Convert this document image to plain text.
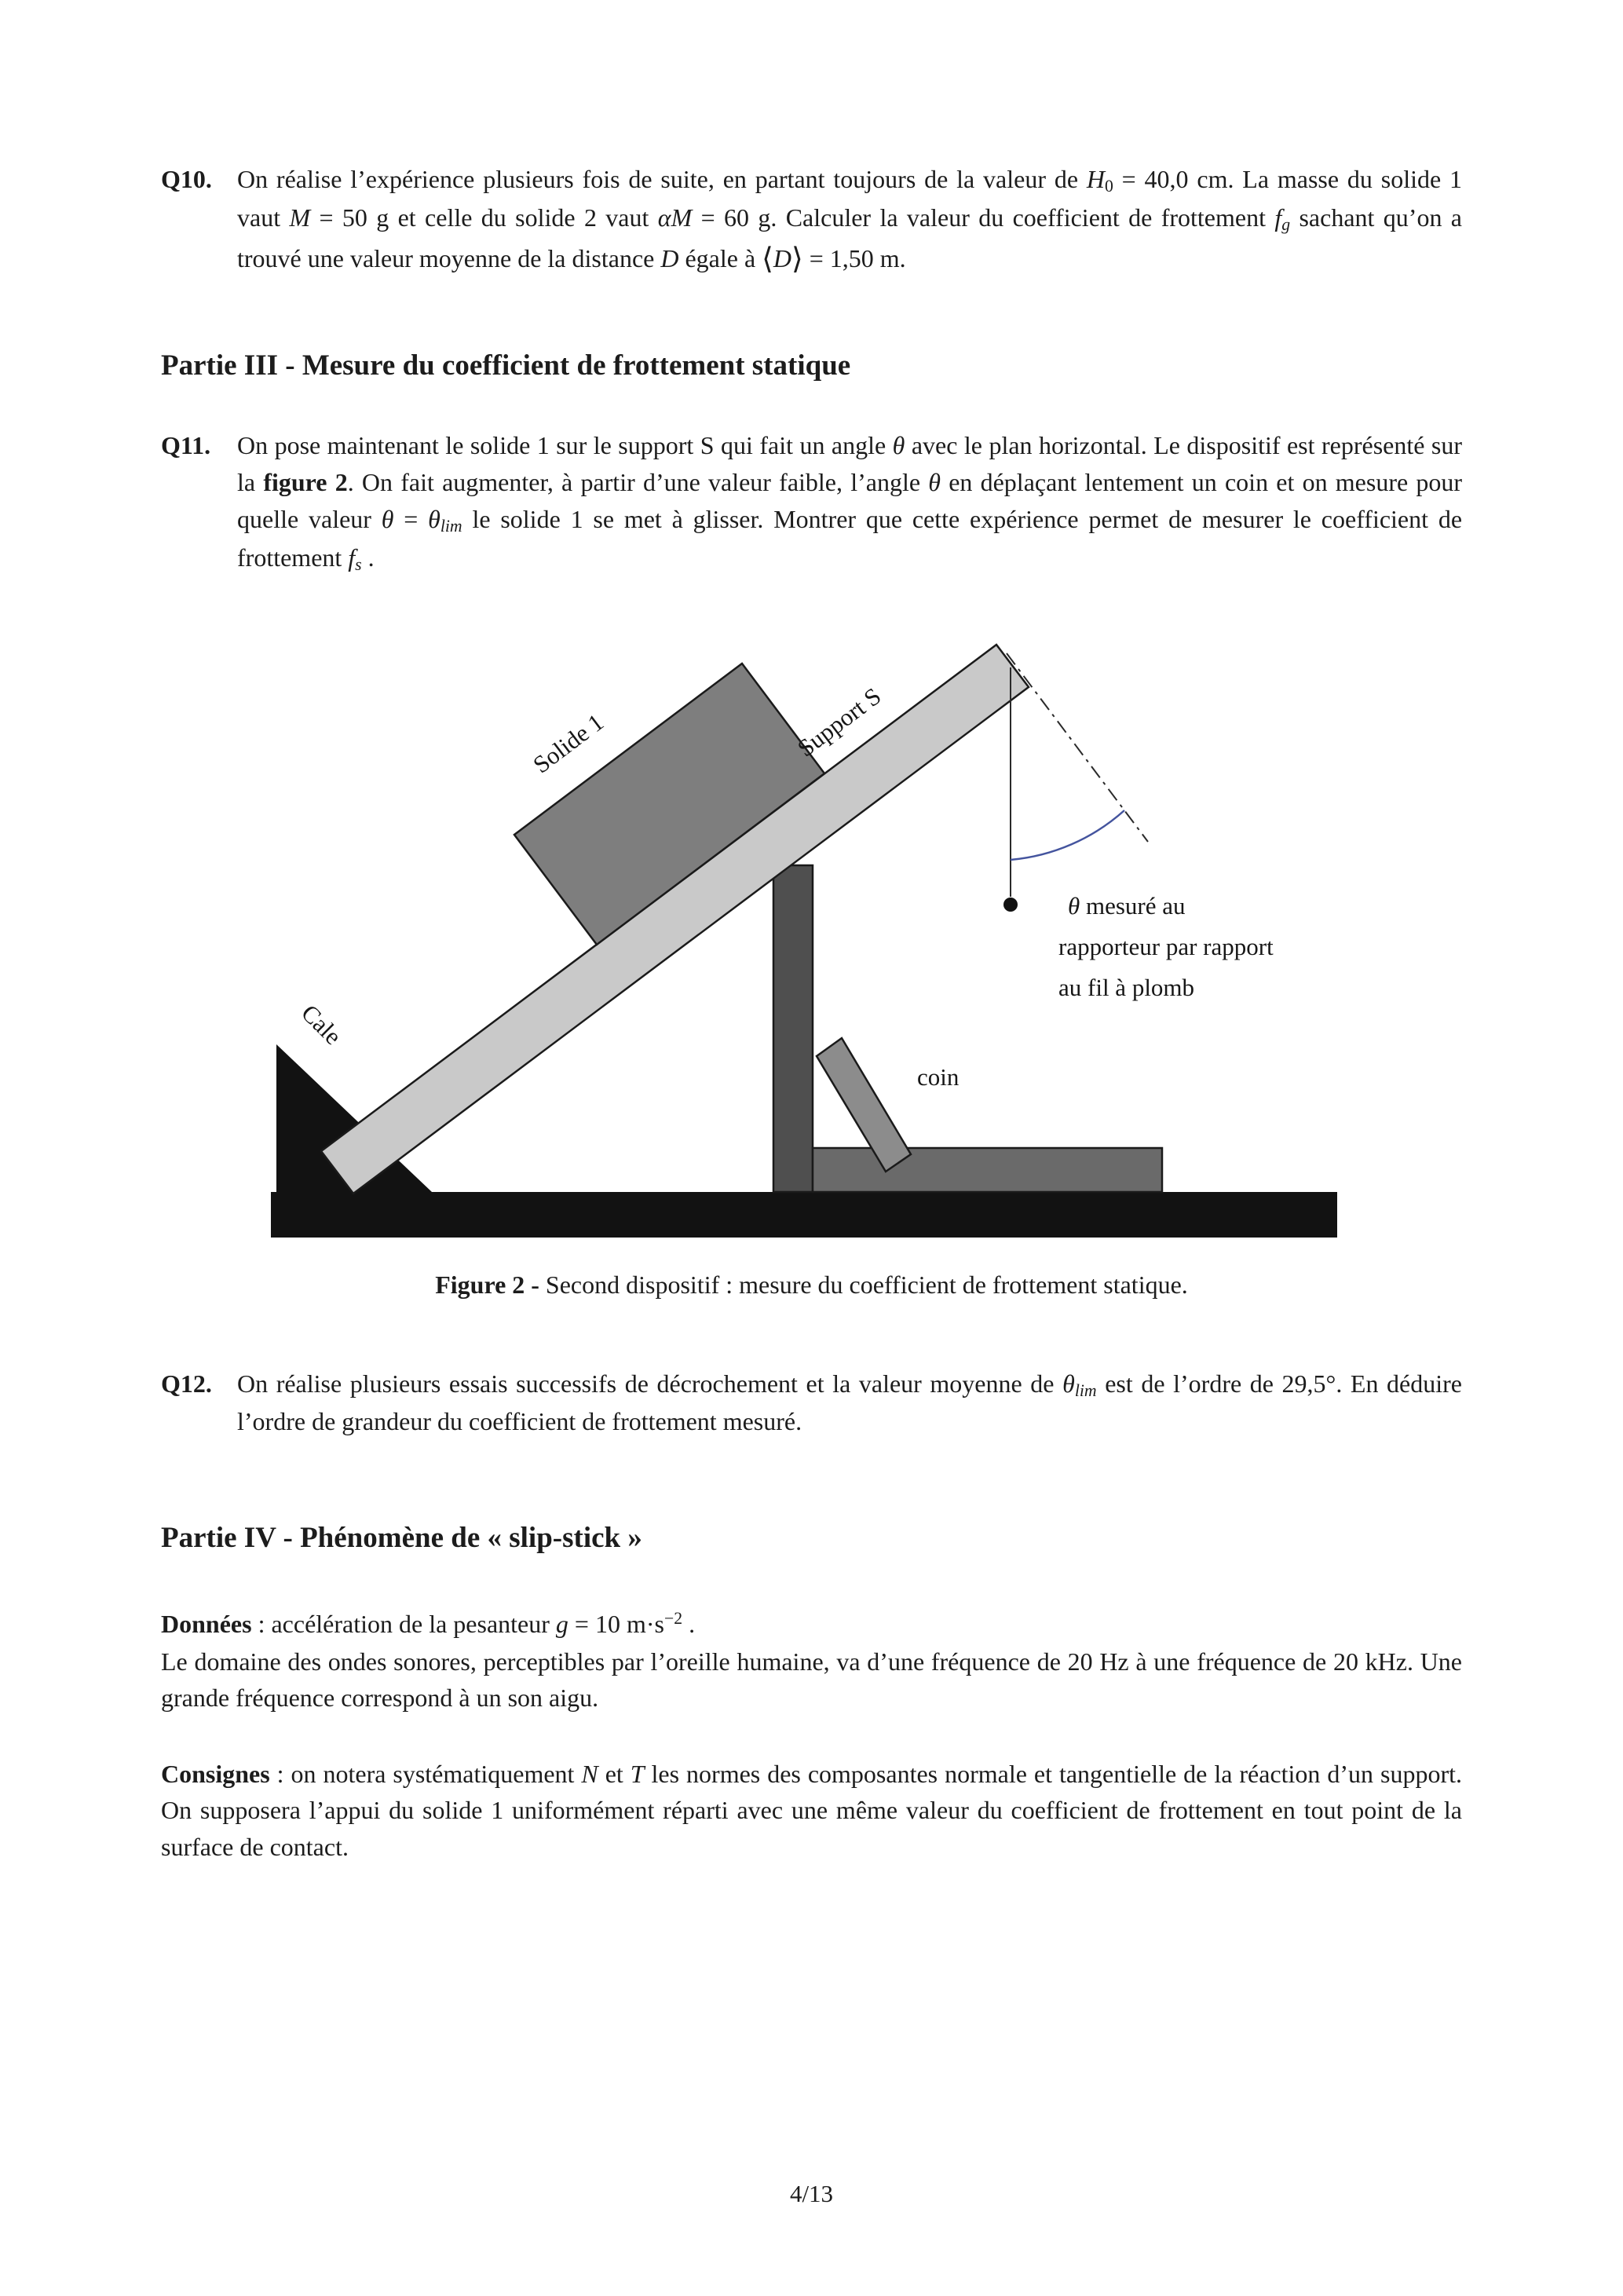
Q10. On réalise l’expérience plusieurs fois de suite, en partant toujours de la valeur de H0 = 40,0 cm. La masse du solide 1 vaut M = 50 g et celle du solide 2 vaut αM = 60 g. Calculer la valeur du coefficient de frottement fg sachant qu’on a trouvé une valeur moyenne de la distance D égale à ⟨D⟩ = 1,50 m.

Partie III - Mesure du coefficient de frottement statique
Q11. On pose maintenant le solide 1 sur le support S qui fait un angle θ avec le plan horizontal. Le dispositif est représenté sur la figure 2. On fait augmenter, à partir d’une valeur faible, l’angle θ en déplaçant lentement un coin et on mesure pour quelle valeur θ = θlim le solide 1 se met à glisser. Montrer que cette expérience permet de mesurer le coefficient de frottement fs .

Solide 1	Support S
Cale
coin
θ mesuré au
rapporteur par rapport
au fil à plomb
Figure 2 - Second dispositif : mesure du coefficient de frottement statique.
Q12. On réalise plusieurs essais successifs de décrochement et la valeur moyenne de θlim est de l’ordre de 29,5°. En déduire l’ordre de grandeur du coefficient de frottement mesuré.

Partie IV - Phénomène de « slip-stick »

Données : accélération de la pesanteur g = 10 $m\cdot s^{-2}$ .

Le domaine des ondes sonores, perceptibles par l’oreille humaine, va d’une fréquence de 20 Hz à une fréquence de 20 kHz. Une grande fréquence correspond à un son aigu.

Consignes : on notera systématiquement N et T les normes des composantes normale et tangentielle de la réaction d’un support. On supposera l’appui du solide 1 uniformément réparti avec une même valeur du coefficient de frottement en tout point de la surface de contact.

4/13
